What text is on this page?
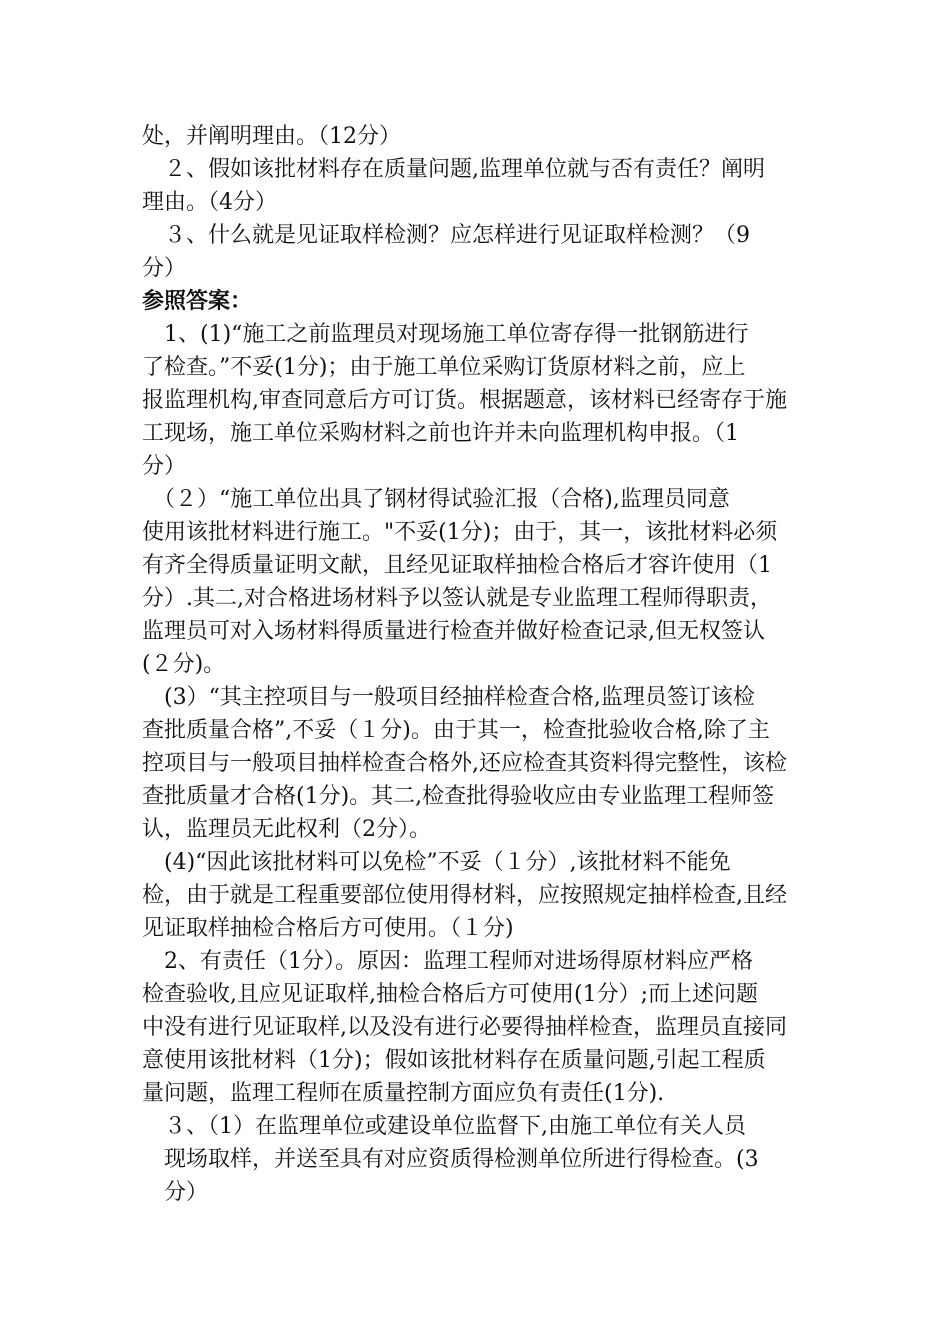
处，并阐明理由。（12分）
　２、假如该批材料存在质量问题,监理单位就与否有责任？阐明
理由。（4分）
　３、什么就是见证取样检测？应怎样进行见证取样检测？（9
分）
参照答案：
　1、(1)“施工之前监理员对现场施工单位寄存得一批钢筋进行
了检查。”不妥(1分)；由于施工单位采购订货原材料之前，应上
报监理机构,审查同意后方可订货。根据题意，该材料已经寄存于施
工现场，施工单位采购材料之前也许并未向监理机构申报。（1
分）
　（２）“施工单位出具了钢材得试验汇报（合格),监理员同意
使用该批材料进行施工。"不妥(1分)；由于，其一，该批材料必须
有齐全得质量证明文献，且经见证取样抽检合格后才容许使用（1
分）.其二,对合格进场材料予以签认就是专业监理工程师得职责，
监理员可对入场材料得质量进行检查并做好检查记录,但无权签认
(２分)。
　(3）“其主控项目与一般项目经抽样检查合格,监理员签订该检
查批质量合格”,不妥（１分)。由于其一，检查批验收合格,除了主
控项目与一般项目抽样检查合格外,还应检查其资料得完整性，该检
查批质量才合格(1分)。其二,检查批得验收应由专业监理工程师签
认，监理员无此权利（2分）。
　(4)“因此该批材料可以免检”不妥（１分）,该批材料不能免
检，由于就是工程重要部位使用得材料，应按照规定抽样检查,且经
见证取样抽检合格后方可使用。（１分)
　2、有责任（1分）。原因：监理工程师对进场得原材料应严格
检查验收,且应见证取样,抽检合格后方可使用(1分）;而上述问题
中没有进行见证取样,以及没有进行必要得抽样检查，监理员直接同
意使用该批材料（1分)；假如该批材料存在质量问题,引起工程质
量问题，监理工程师在质量控制方面应负有责任(1分).
　３、（1）在监理单位或建设单位监督下,由施工单位有关人员
　现场取样，并送至具有对应资质得检测单位所进行得检查。(3
　分）
